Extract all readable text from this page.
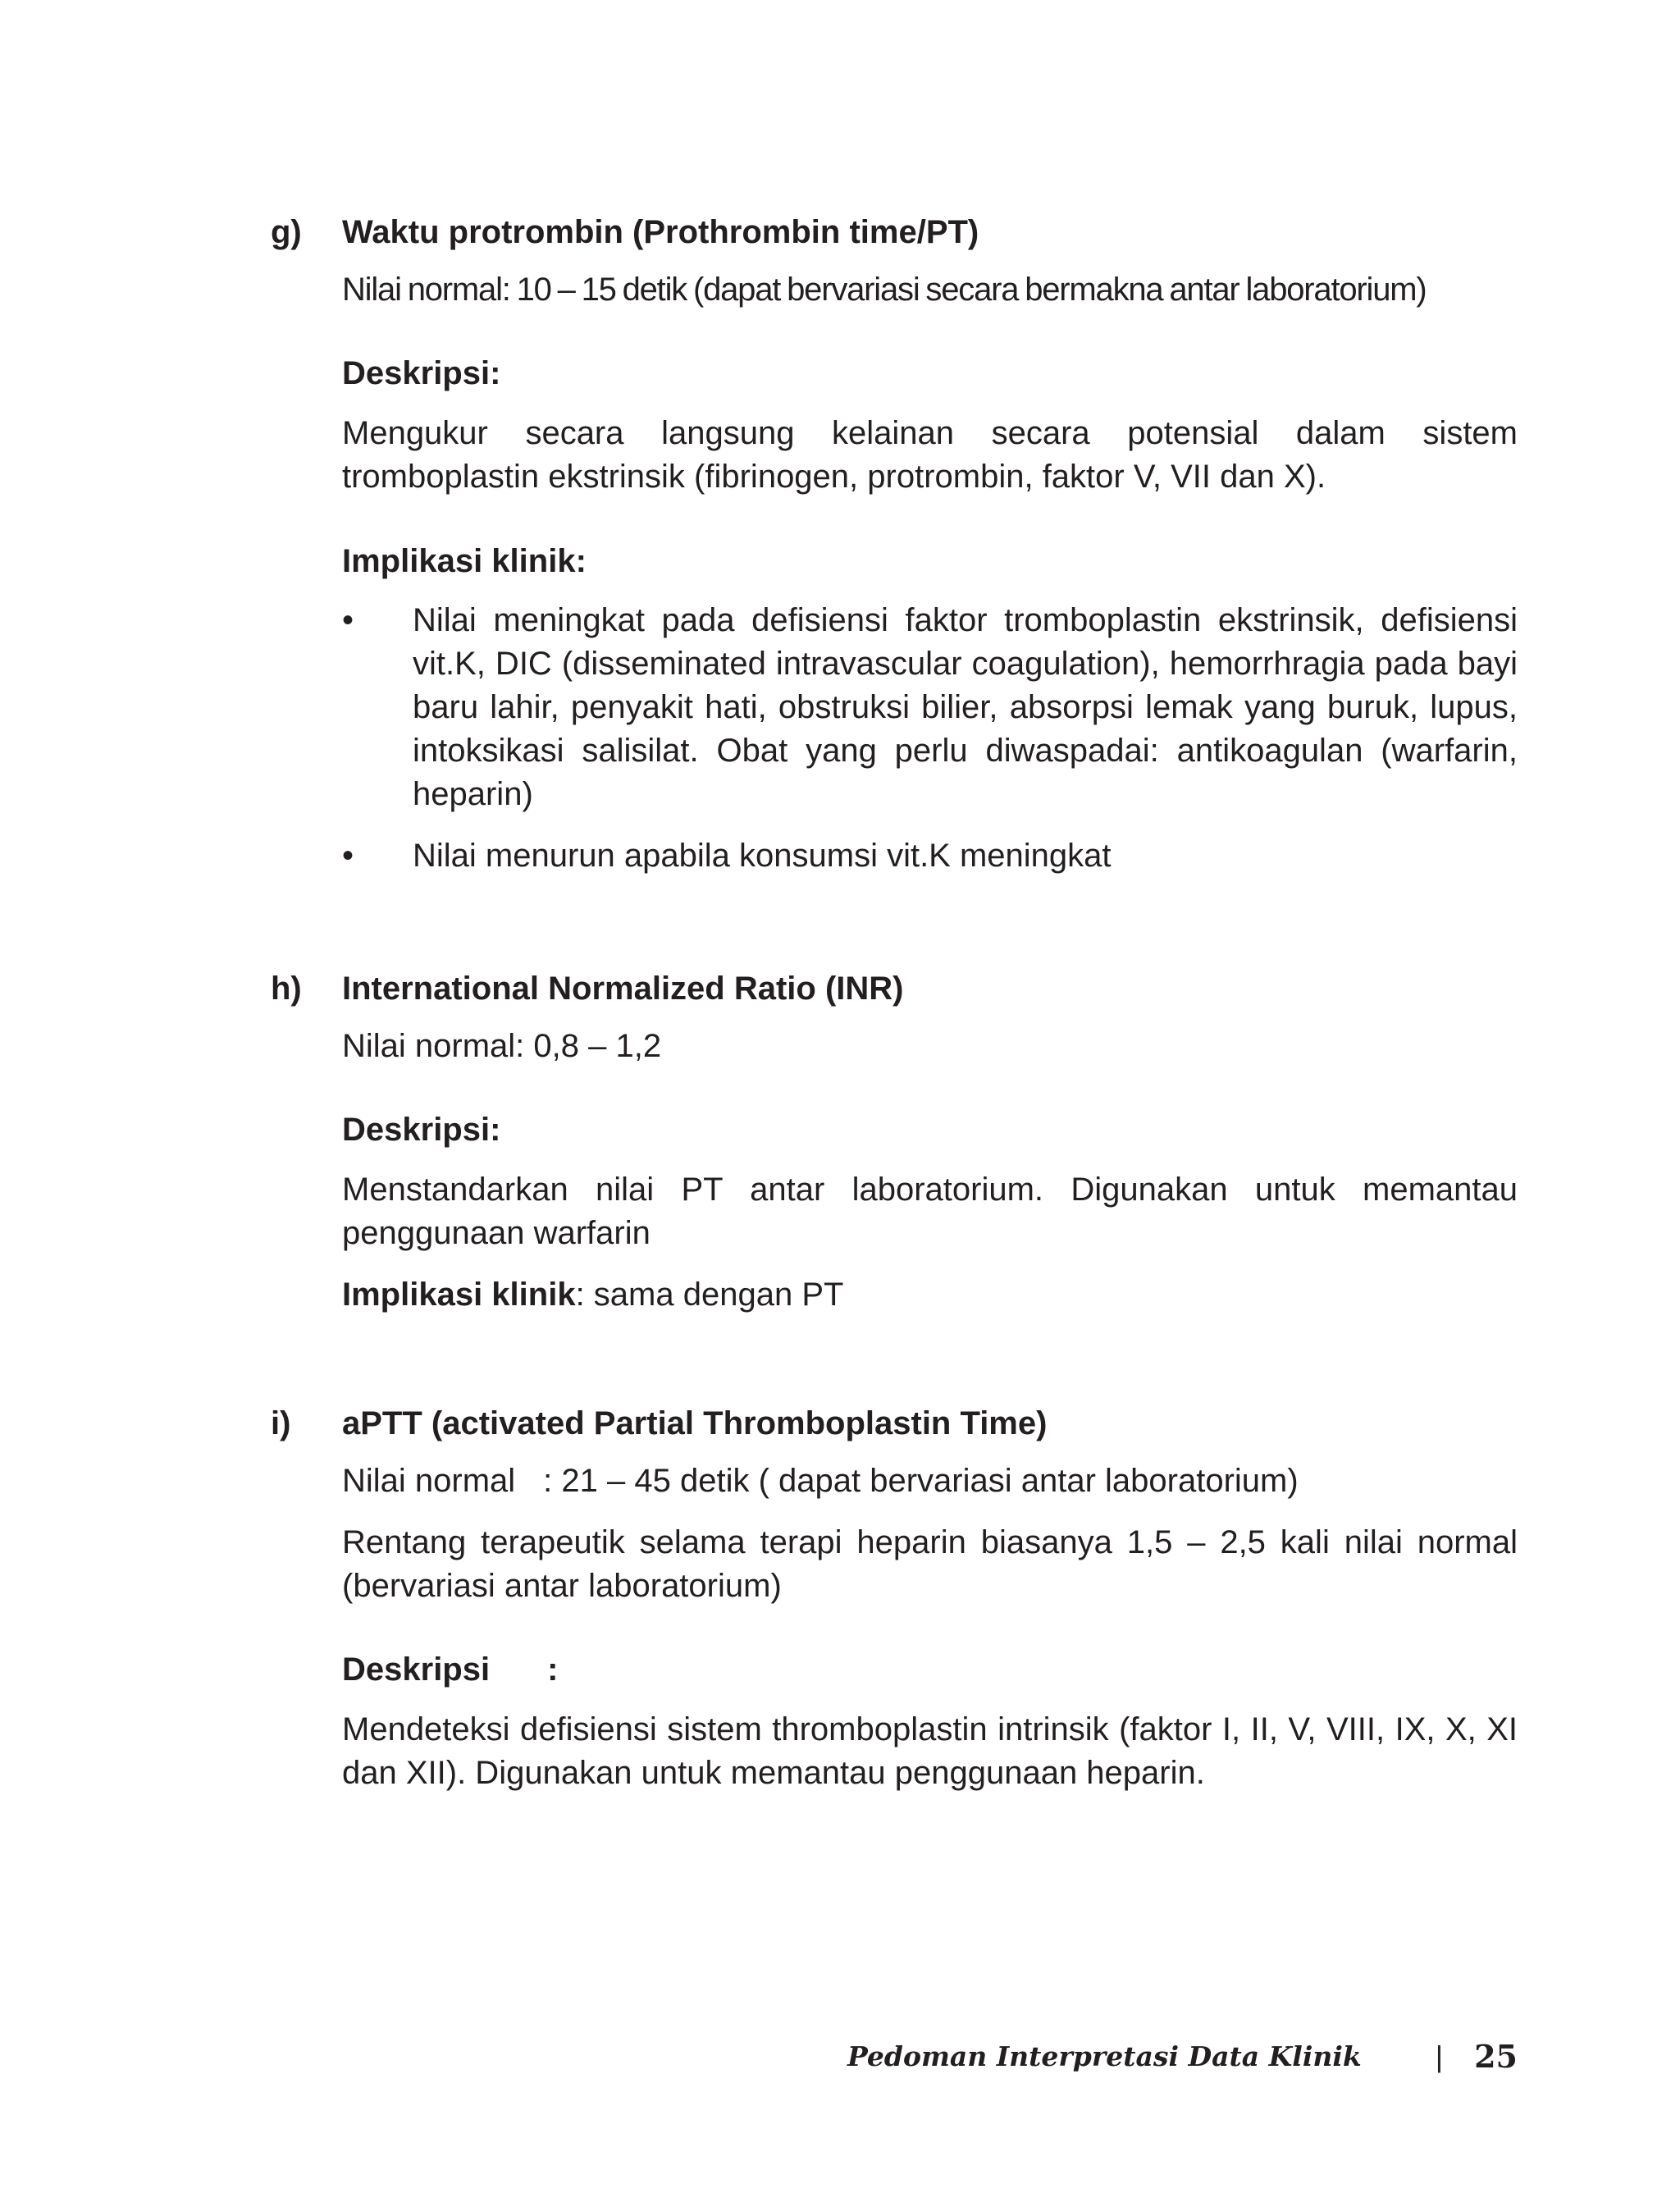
g) Waktu protrombin (Prothrombin time/PT)

Nilai normal: 10 – 15 detik (dapat bervariasi secara bermakna antar laboratorium)

Deskripsi:

Mengukur secara langsung kelainan secara potensial dalam sistem tromboplastin ekstrinsik (fibrinogen, protrombin, faktor V, VII dan X).

Implikasi klinik:
• Nilai meningkat pada defisiensi faktor tromboplastin ekstrinsik, defisiensi vit.K, DIC (disseminated intravascular coagulation), hemorrhragia pada bayi baru lahir, penyakit hati, obstruksi bilier, absorpsi lemak yang buruk, lupus, intoksikasi salisilat. Obat yang perlu diwaspadai: antikoagulan (warfarin, heparin)
• Nilai menurun apabila konsumsi vit.K meningkat
h) International Normalized Ratio (INR)

Nilai normal: 0,8 – 1,2

Deskripsi:

Menstandarkan nilai PT antar laboratorium. Digunakan untuk memantau penggunaan warfarin

Implikasi klinik: sama dengan PT

i) aPTT (activated Partial Thromboplastin Time)

Nilai normal : 21 – 45 detik ( dapat bervariasi antar laboratorium)

Rentang terapeutik selama terapi heparin biasanya 1,5 – 2,5 kali nilai normal (bervariasi antar laboratorium)

Deskripsi :

Mendeteksi defisiensi sistem thromboplastin intrinsik (faktor I, II, V, VIII, IX, X, XI dan XII). Digunakan untuk memantau penggunaan heparin.

Pedoman Interpretasi Data Klinik	| 25
